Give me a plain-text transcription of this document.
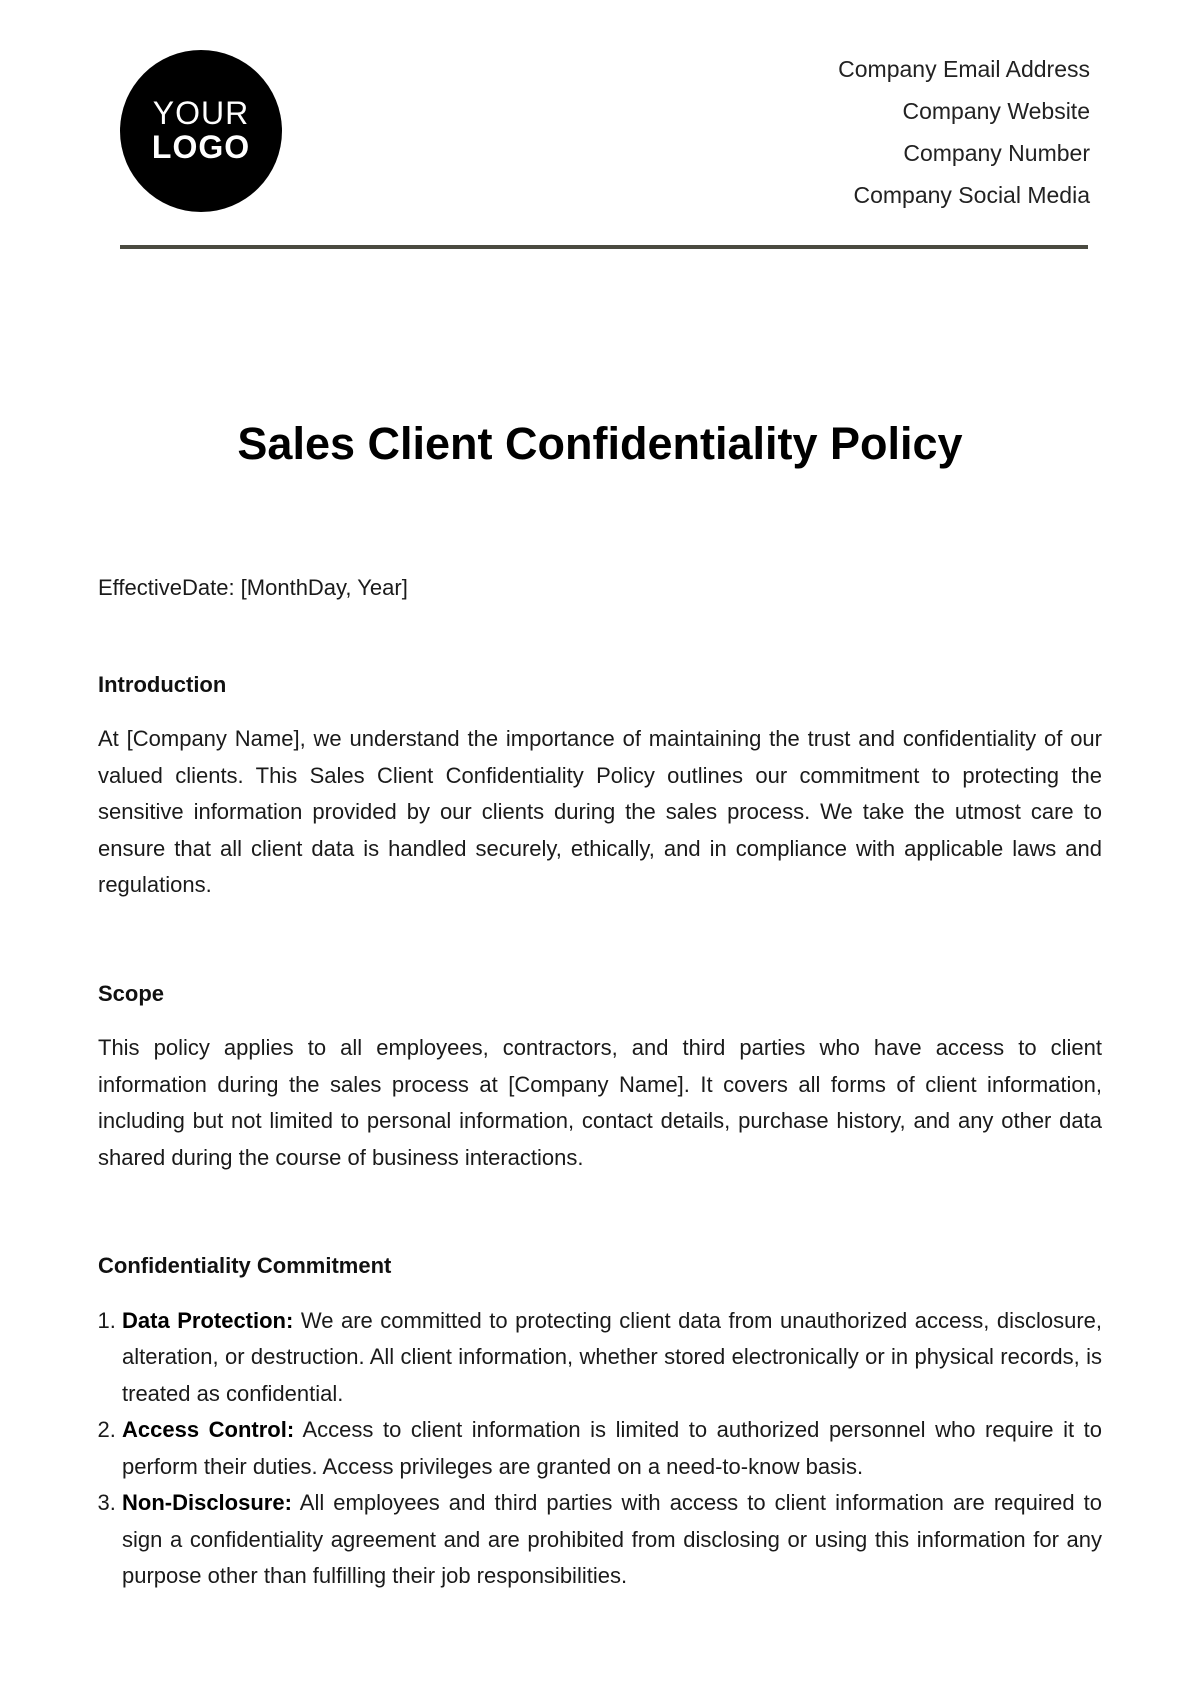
YOUR
LOGO
Company Email Address
Company Website
Company Number
Company Social Media
Sales Client Confidentiality Policy

EffectiveDate: [MonthDay, Year]

Introduction

At [Company Name], we understand the importance of maintaining the trust and confidentiality of our valued clients. This Sales Client Confidentiality Policy outlines our commitment to protecting the sensitive information provided by our clients during the sales process. We take the utmost care to ensure that all client data is handled securely, ethically, and in compliance with applicable laws and regulations.

Scope

This policy applies to all employees, contractors, and third parties who have access to client information during the sales process at [Company Name]. It covers all forms of client information, including but not limited to personal information, contact details, purchase history, and any other data shared during the course of business interactions.

Confidentiality Commitment

1. Data Protection: We are committed to protecting client data from unauthorized access, disclosure, alteration, or destruction. All client information, whether stored electronically or in physical records, is treated as confidential.
2. Access Control: Access to client information is limited to authorized personnel who require it to perform their duties. Access privileges are granted on a need-to-know basis.
3. Non-Disclosure: All employees and third parties with access to client information are required to sign a confidentiality agreement and are prohibited from disclosing or using this information for any purpose other than fulfilling their job responsibilities.
